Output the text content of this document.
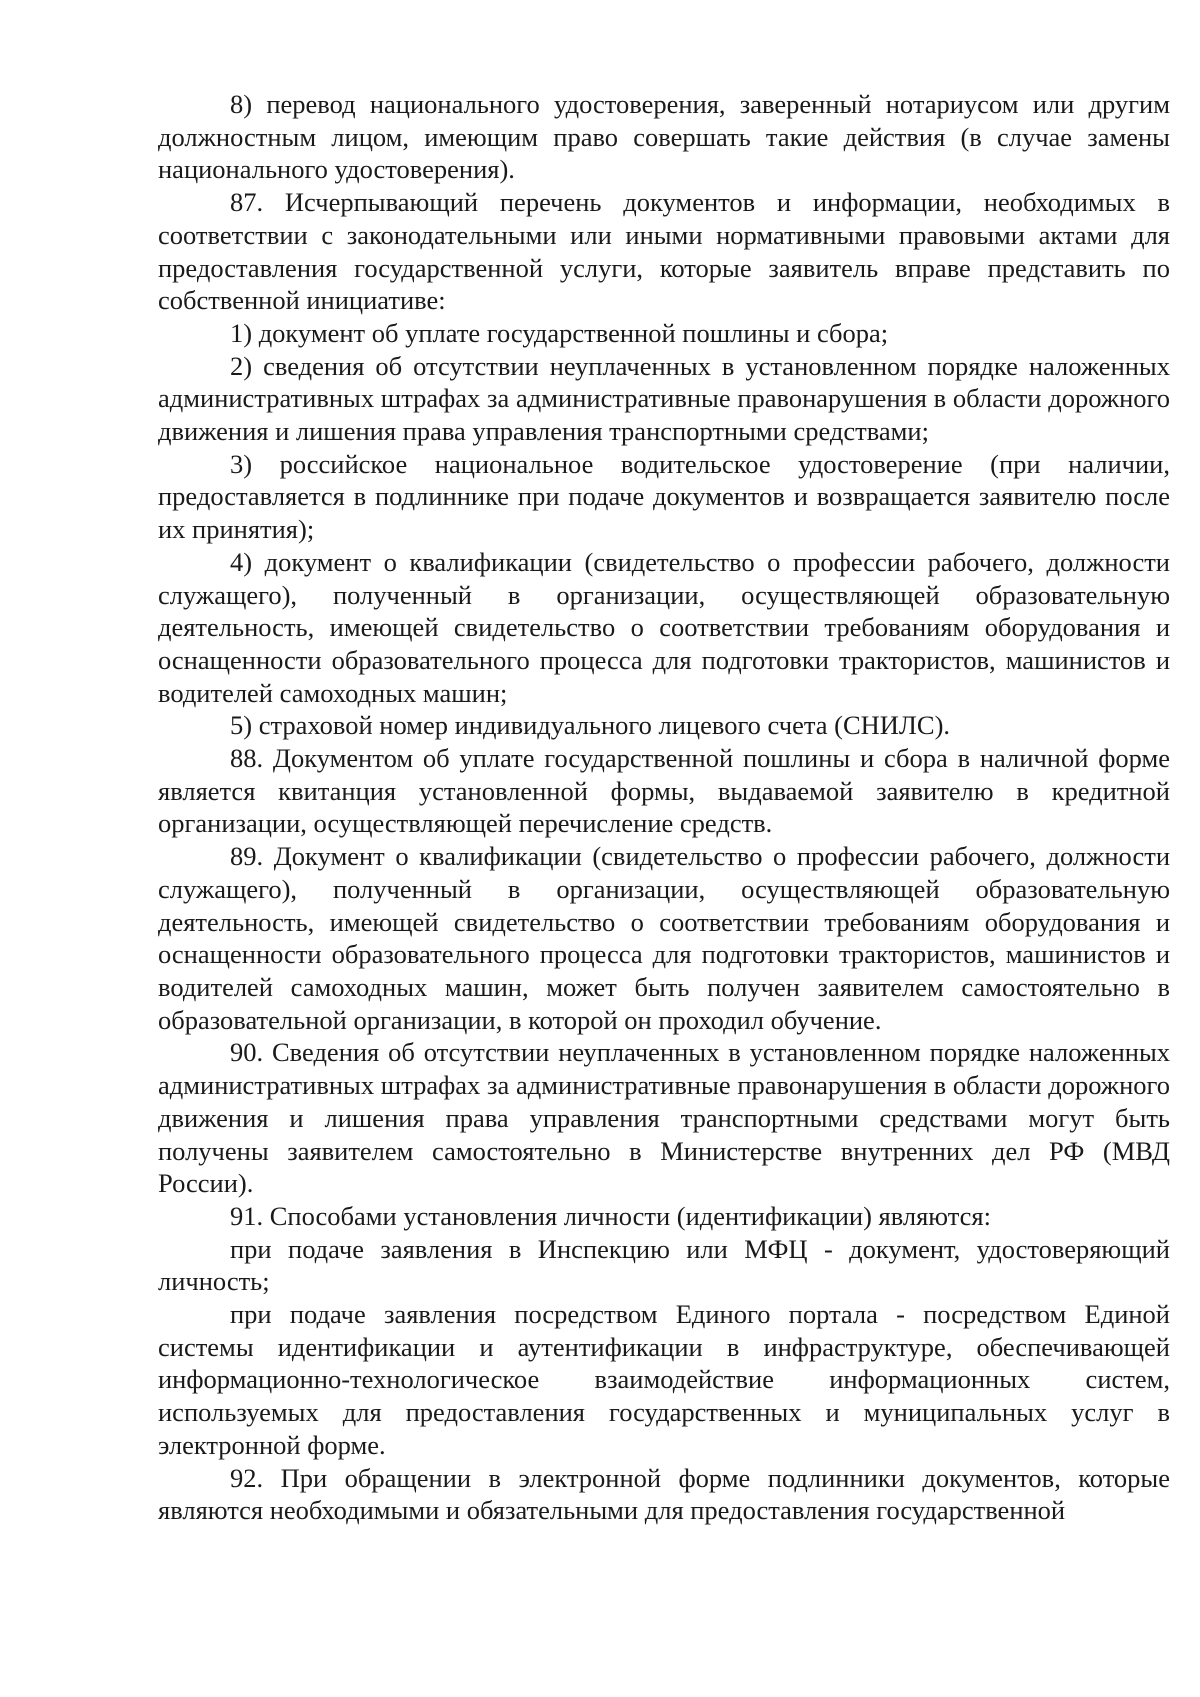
8) перевод национального удостоверения, заверенный нотариусом или другим должностным лицом, имеющим право совершать такие действия (в случае замены национального удостоверения).

87. Исчерпывающий перечень документов и информации, необходимых в соответствии с законодательными или иными нормативными правовыми актами для предоставления государственной услуги, которые заявитель вправе представить по собственной инициативе:

1) документ об уплате государственной пошлины и сбора;

2) сведения об отсутствии неуплаченных в установленном порядке наложенных административных штрафах за административные правонарушения в области дорожного движения и лишения права управления транспортными средствами;

3) российское национальное водительское удостоверение (при наличии, предоставляется в подлиннике при подаче документов и возвращается заявителю после их принятия);

4) документ о квалификации (свидетельство о профессии рабочего, должности служащего), полученный в организации, осуществляющей образовательную деятельность, имеющей свидетельство о соответствии требованиям оборудования и оснащенности образовательного процесса для подготовки трактористов, машинистов и водителей самоходных машин;

5) страховой номер индивидуального лицевого счета (СНИЛС).

88. Документом об уплате государственной пошлины и сбора в наличной форме является квитанция установленной формы, выдаваемой заявителю в кредитной организации, осуществляющей перечисление средств.

89. Документ о квалификации (свидетельство о профессии рабочего, должности служащего), полученный в организации, осуществляющей образовательную деятельность, имеющей свидетельство о соответствии требованиям оборудования и оснащенности образовательного процесса для подготовки трактористов, машинистов и водителей самоходных машин, может быть получен заявителем самостоятельно в образовательной организации, в которой он проходил обучение.

90. Сведения об отсутствии неуплаченных в установленном порядке наложенных административных штрафах за административные правонарушения в области дорожного движения и лишения права управления транспортными средствами могут быть получены заявителем самостоятельно в Министерстве внутренних дел РФ (МВД России).

91. Способами установления личности (идентификации) являются:

при подаче заявления в Инспекцию или МФЦ - документ, удостоверяющий личность;

при подаче заявления посредством Единого портала - посредством Единой системы идентификации и аутентификации в инфраструктуре, обеспечивающей информационно-технологическое взаимодействие информационных систем, используемых для предоставления государственных и муниципальных услуг в электронной форме.

92. При обращении в электронной форме подлинники документов, которые являются необходимыми и обязательными для предоставления государственной
